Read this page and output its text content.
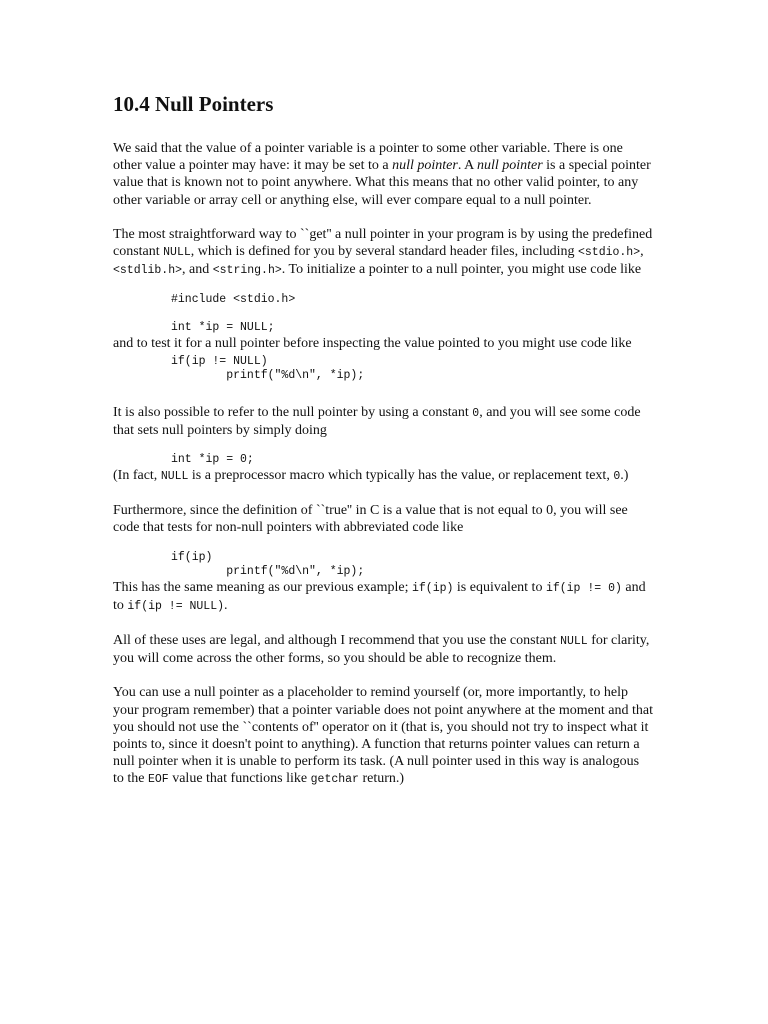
10.4 Null Pointers

We said that the value of a pointer variable is a pointer to some other variable. There is one other value a pointer may have: it may be set to a null pointer. A null pointer is a special pointer value that is known not to point anywhere. What this means that no other valid pointer, to any other variable or array cell or anything else, will ever compare equal to a null pointer.

The most straightforward way to ``get'' a null pointer in your program is by using the predefined constant NULL, which is defined for you by several standard header files, including <stdio.h>, <stdlib.h>, and <string.h>. To initialize a pointer to a null pointer, you might use code like

#include <stdio.h>

int *ip = NULL;

and to test it for a null pointer before inspecting the value pointed to you might use code like

if(ip != NULL)
printf("%d\n", *ip);

It is also possible to refer to the null pointer by using a constant 0, and you will see some code that sets null pointers by simply doing

int *ip = 0;

(In fact, NULL is a preprocessor macro which typically has the value, or replacement text, 0.)

Furthermore, since the definition of ``true'' in C is a value that is not equal to 0, you will see code that tests for non-null pointers with abbreviated code like

if(ip)
printf("%d\n", *ip);

This has the same meaning as our previous example; if(ip) is equivalent to if(ip != 0) and to if(ip != NULL).

All of these uses are legal, and although I recommend that you use the constant NULL for clarity, you will come across the other forms, so you should be able to recognize them.

You can use a null pointer as a placeholder to remind yourself (or, more importantly, to help your program remember) that a pointer variable does not point anywhere at the moment and that you should not use the ``contents of'' operator on it (that is, you should not try to inspect what it points to, since it doesn't point to anything). A function that returns pointer values can return a null pointer when it is unable to perform its task. (A null pointer used in this way is analogous to the EOF value that functions like getchar return.)
